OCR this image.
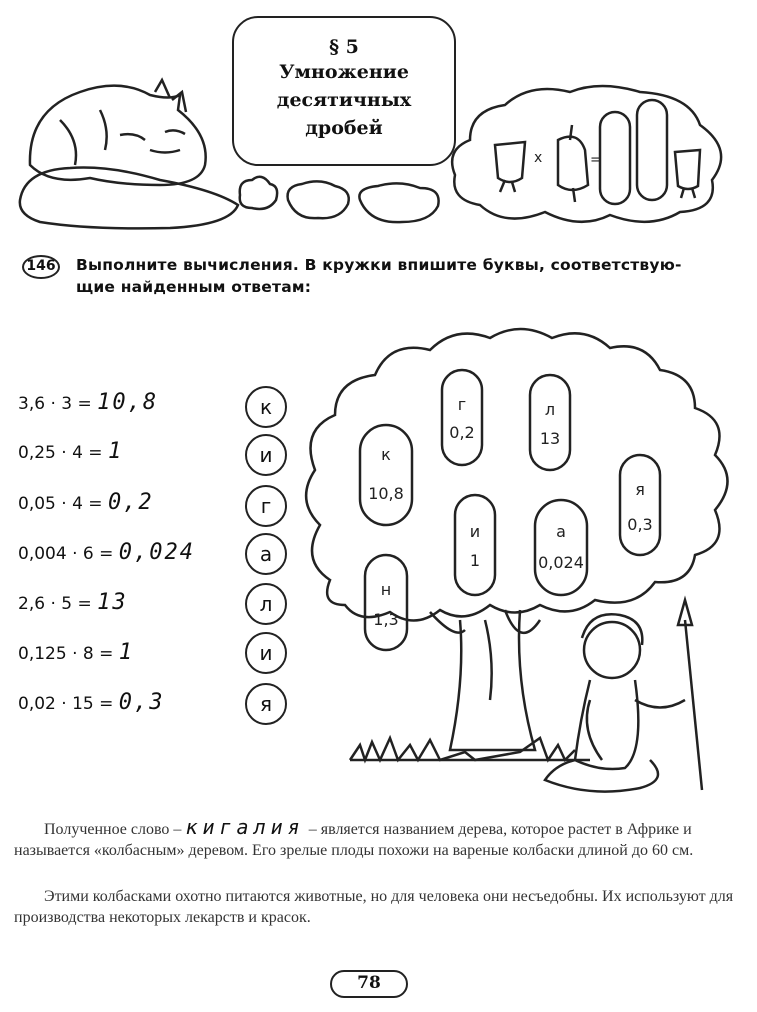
x	=
§ 5
Умножение
десятичных
дробей
146 Выполните вычисления. В кружки впишите буквы, соответствую-
щие найденным ответам:
3,6 · 3 = 10,8	к
0,25 · 4 = 1	и
0,05 · 4 = 0,2	г
0,004 · 6 = 0,024	а
2,6 · 5 = 13	л
0,125 · 8 = 1	и
0,02 · 15 = 0,3	я
г
0,2
л
13
к
10,8	я
0,3
и
1
а
0,024
н
1,3
Полученное слово – кигалия – является названием дерева, которое растет в Африке и называется «колбасным» деревом. Его зрелые плоды похожи на вареные колбаски длиной до 60 см.
Этими колбасками охотно питаются животные, но для человека они несъедобны. Их используют для производства некоторых лекарств и красок.
78
